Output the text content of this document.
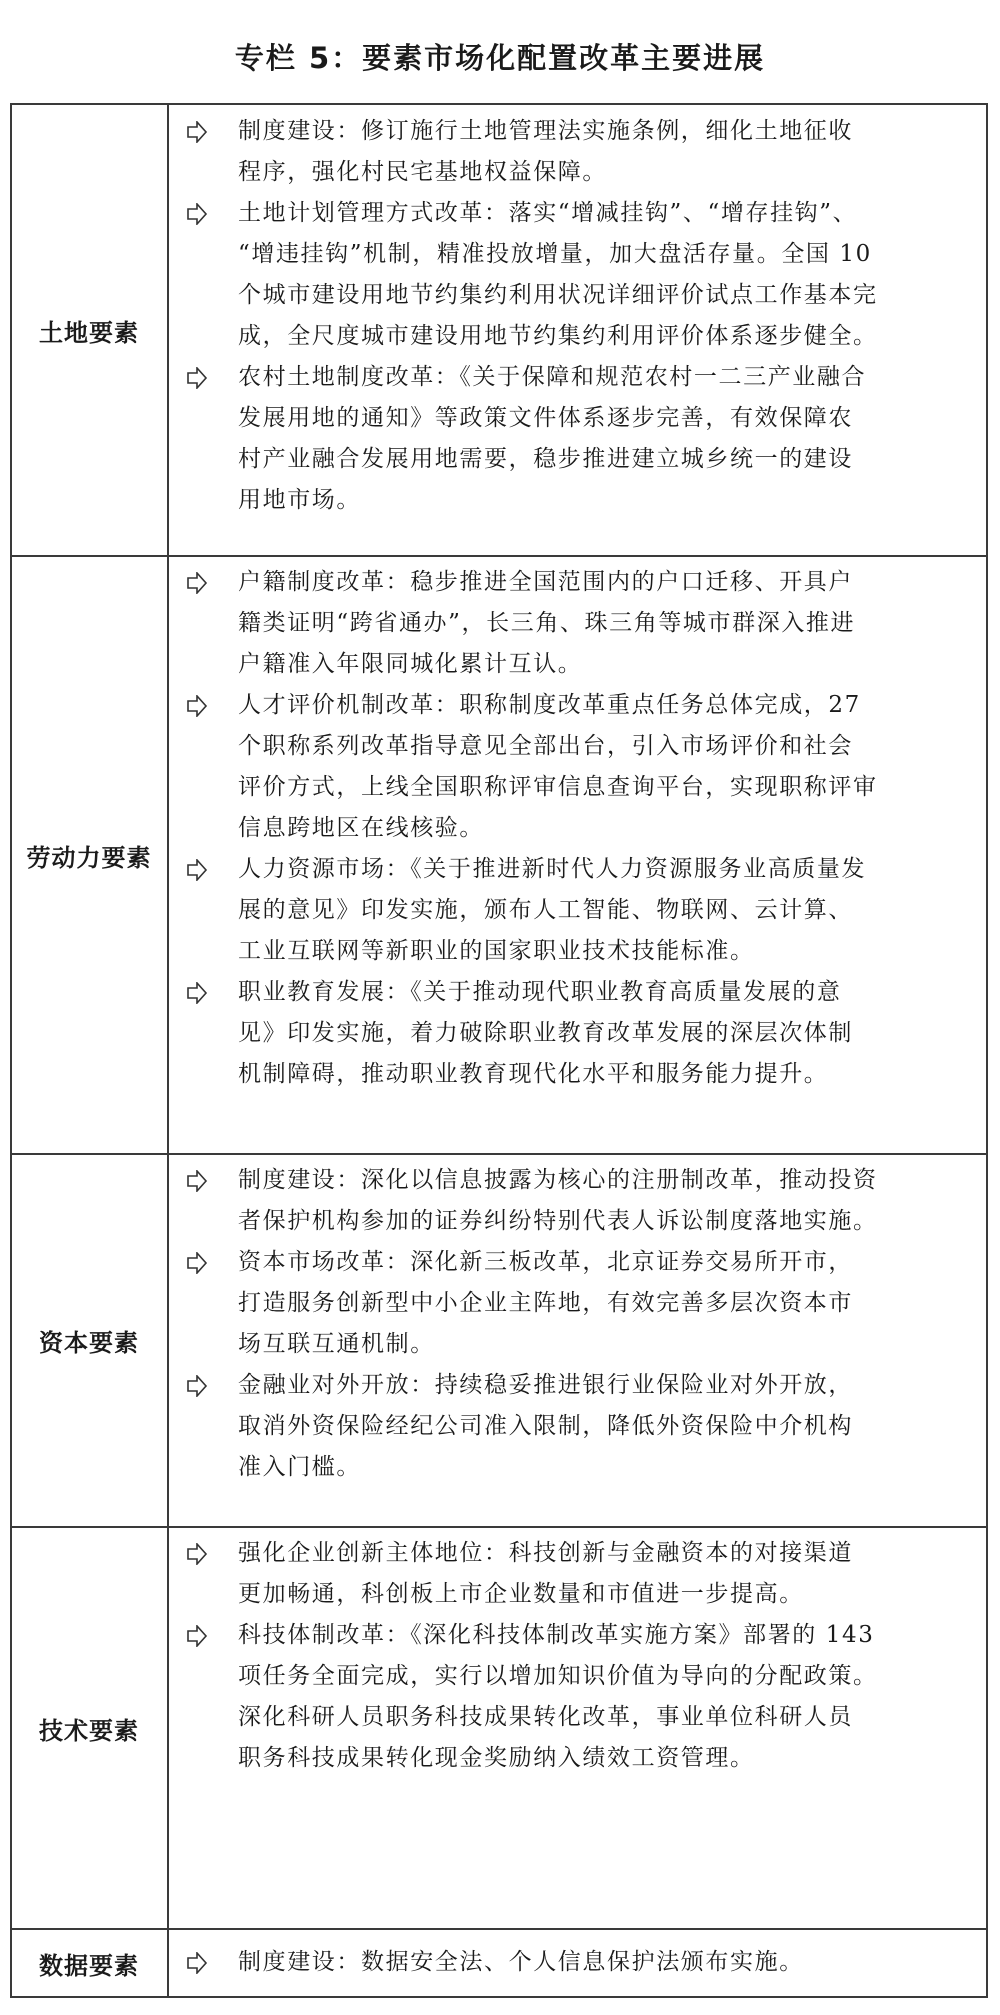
专栏 5：要素市场化配置改革主要进展
土地要素
制度建设：修订施行土地管理法实施条例，细化土地征收
程序，强化村民宅基地权益保障。
土地计划管理方式改革：落实“增减挂钩”、“增存挂钩”、
“增违挂钩”机制，精准投放增量，加大盘活存量。全国 10
个城市建设用地节约集约利用状况详细评价试点工作基本完
成，全尺度城市建设用地节约集约利用评价体系逐步健全。
农村土地制度改革：《关于保障和规范农村一二三产业融合
发展用地的通知》等政策文件体系逐步完善，有效保障农
村产业融合发展用地需要，稳步推进建立城乡统一的建设
用地市场。
劳动力要素
户籍制度改革：稳步推进全国范围内的户口迁移、开具户
籍类证明“跨省通办”，长三角、珠三角等城市群深入推进
户籍准入年限同城化累计互认。
人才评价机制改革：职称制度改革重点任务总体完成，27
个职称系列改革指导意见全部出台，引入市场评价和社会
评价方式，上线全国职称评审信息查询平台，实现职称评审
信息跨地区在线核验。
人力资源市场：《关于推进新时代人力资源服务业高质量发
展的意见》印发实施，颁布人工智能、物联网、云计算、
工业互联网等新职业的国家职业技术技能标准。
职业教育发展：《关于推动现代职业教育高质量发展的意
见》印发实施，着力破除职业教育改革发展的深层次体制
机制障碍，推动职业教育现代化水平和服务能力提升。
资本要素
制度建设：深化以信息披露为核心的注册制改革，推动投资
者保护机构参加的证券纠纷特别代表人诉讼制度落地实施。
资本市场改革：深化新三板改革，北京证券交易所开市，
打造服务创新型中小企业主阵地，有效完善多层次资本市
场互联互通机制。
金融业对外开放：持续稳妥推进银行业保险业对外开放，
取消外资保险经纪公司准入限制，降低外资保险中介机构
准入门槛。
技术要素
强化企业创新主体地位：科技创新与金融资本的对接渠道
更加畅通，科创板上市企业数量和市值进一步提高。
科技体制改革：《深化科技体制改革实施方案》部署的 143
项任务全面完成，实行以增加知识价值为导向的分配政策。
深化科研人员职务科技成果转化改革，事业单位科研人员
职务科技成果转化现金奖励纳入绩效工资管理。
数据要素	制度建设：数据安全法、个人信息保护法颁布实施。
